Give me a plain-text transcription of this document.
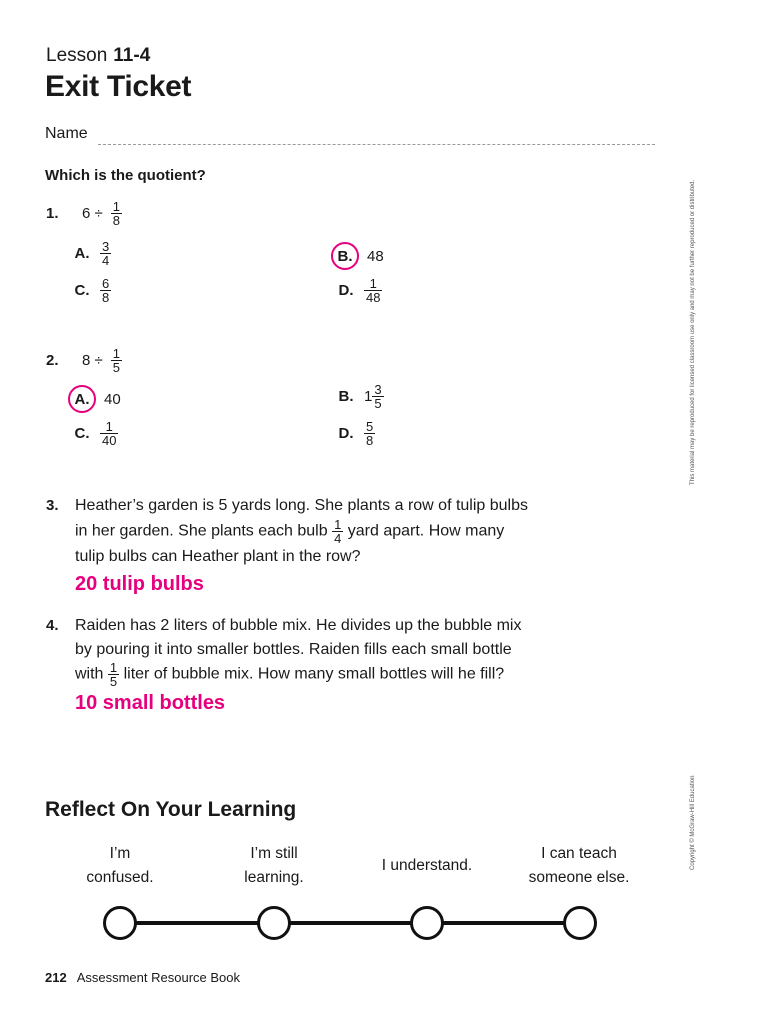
Lesson 11-4
Exit Ticket
Name
Which is the quotient?
1.	$6 \div \frac{1}{8}$
A. $\frac{3}{4}$	B. 48
C. $\frac{6}{8}$	D. $\frac{1}{48}$
2.	$8 \div \frac{1}{5}$
A. 40	B. $1 \frac{3}{5}$
C. $\frac{1}{40}$	D. $\frac{5}{8}$
3. Heather’s garden is 5 yards long. She plants a row of tulip bulbs
in her garden. She plants each bulb $\frac{1}{4}$ yard apart. How many
tulip bulbs can Heather plant in the row?
20 tulip bulbs
4. Raiden has 2 liters of bubble mix. He divides up the bubble mix
by pouring it into smaller bottles. Raiden fills each small bottle
with $\frac{1}{5}$ liter of bubble mix. How many small bottles will he fill?
10 small bottles
Reflect On Your Learning
I’m
confused.
I’m still
learning.
I understand.
I can teach
someone else.
212 Assessment Resource Book
This material may be reproduced for licensed classroom use only and may not be further reproduced or distributed.
Copyright © McGraw-Hill Education
